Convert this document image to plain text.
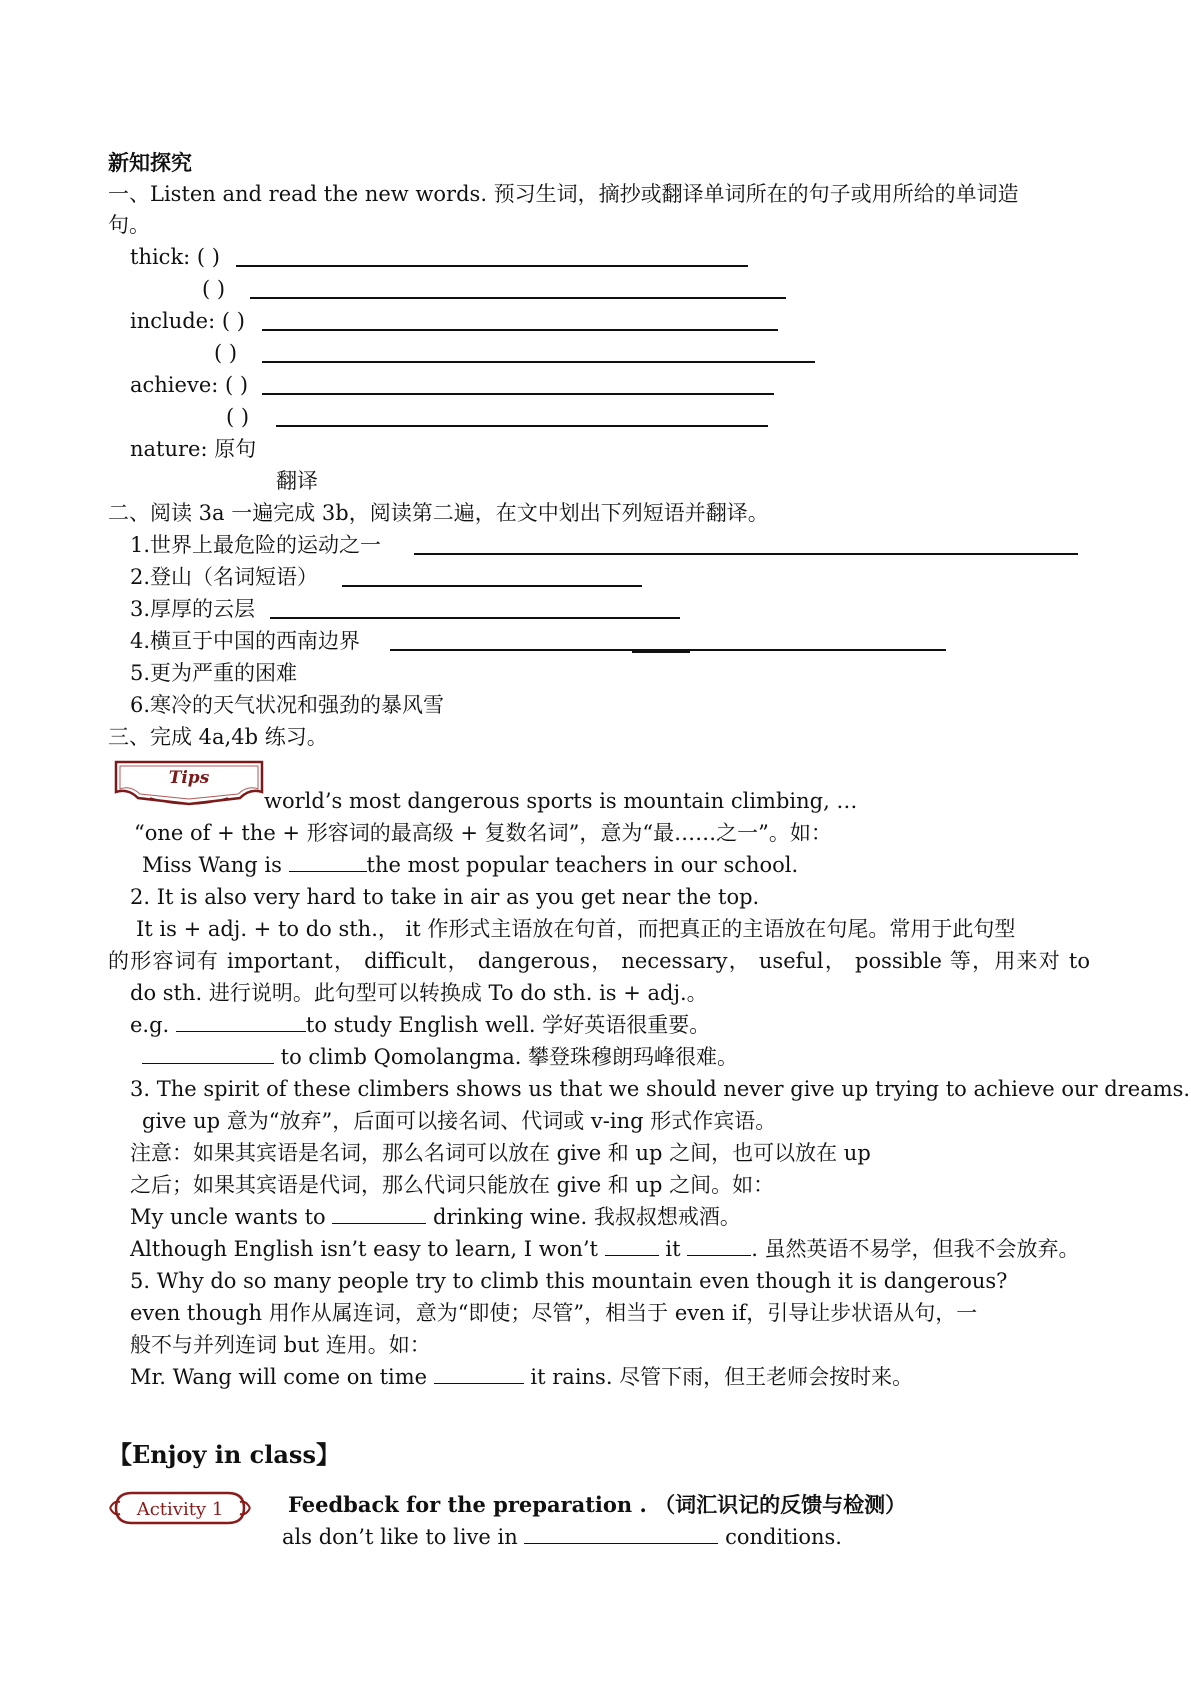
新知探究
一、Listen and read the new words. 预习生词，摘抄或翻译单词所在的句子或用所给的单词造
句。
thick: ( )
( )
include: ( )
( )
achieve: ( )
( )
nature: 原句
翻译
二、阅读 3a 一遍完成 3b，阅读第二遍，在文中划出下列短语并翻译。
1.世界上最危险的运动之一
2.登山（名词短语）
3.厚厚的云层
4.横亘于中国的西南边界
5.更为严重的困难
6.寒冷的天气状况和强劲的暴风雪
三、完成 4a,4b 练习。
Tips
world’s most dangerous sports is mountain climbing, …
“one of + the + 形容词的最高级 + 复数名词”，意为“最……之一”。如：
Miss Wang is	the most popular teachers in our school.
2. It is also very hard to take in air as you get near the top.
It is + adj. + to do sth.， it 作形式主语放在句首，而把真正的主语放在句尾。常用于此句型
的形容词有 important， difficult， dangerous， necessary， useful， possible 等，用来对 to
do sth. 进行说明。此句型可以转换成 To do sth. is + adj.。
e.g.	to study English well. 学好英语很重要。
to climb Qomolangma. 攀登珠穆朗玛峰很难。
3. The spirit of these climbers shows us that we should never give up trying to achieve our dreams.
give up 意为“放弃”，后面可以接名词、代词或 v-ing 形式作宾语。
注意：如果其宾语是名词，那么名词可以放在 give 和 up 之间，也可以放在 up
之后；如果其宾语是代词，那么代词只能放在 give 和 up 之间。如：
My uncle wants to	drinking wine. 我叔叔想戒酒。
Although English isn’t easy to learn, I won’t	it	. 虽然英语不易学，但我不会放弃。
5. Why do so many people try to climb this mountain even though it is dangerous?
even though 用作从属连词，意为“即使；尽管”，相当于 even if，引导让步状语从句，一
般不与并列连词 but 连用。如：
Mr. Wang will come on time	it rains. 尽管下雨，但王老师会按时来。
【Enjoy in class】
Activity 1	Feedback for the preparation . （词汇识记的反馈与检测）
als don’t like to live in	conditions.
